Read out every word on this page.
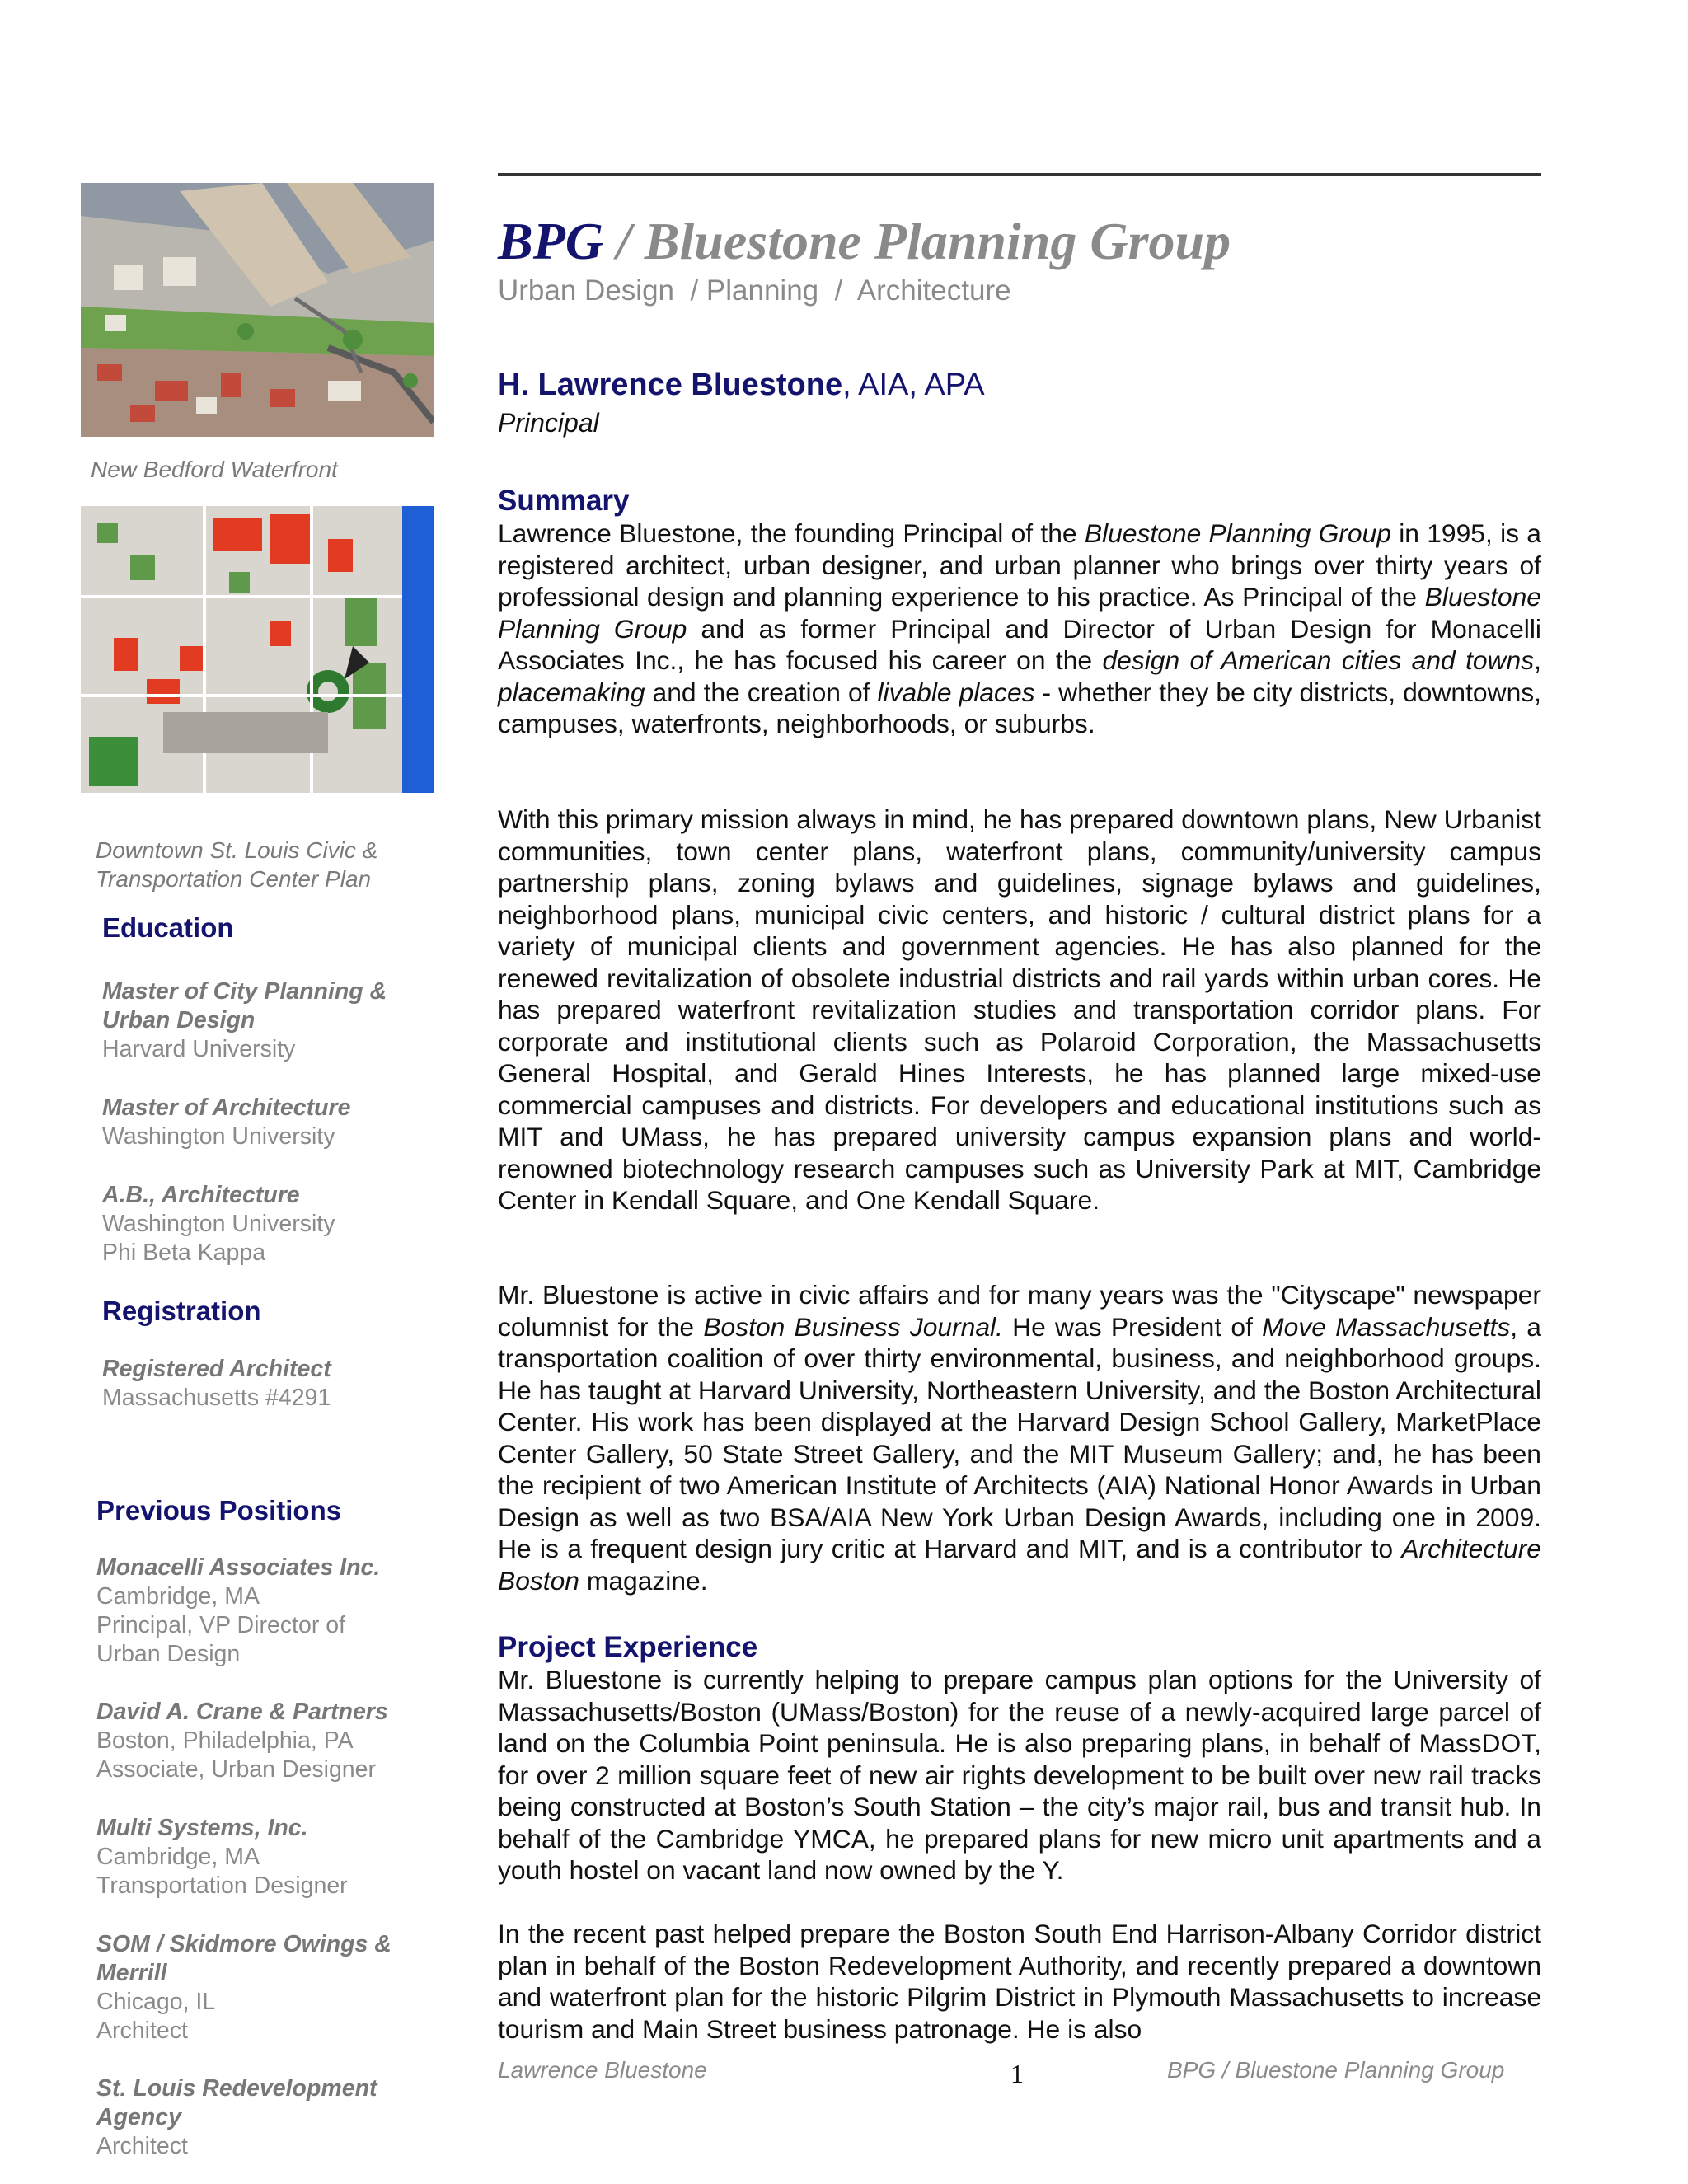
New Bedford Waterfront
Downtown St. Louis Civic &
Transportation Center Plan
Education
Master of City Planning &
Urban Design
Harvard University
Master of Architecture
Washington University
A.B., Architecture
Washington University
Phi Beta Kappa
Registration
Registered Architect
Massachusetts #4291
Previous Positions
Monacelli Associates Inc.
Cambridge, MA
Principal, VP Director of
Urban Design
David A. Crane & Partners
Boston, Philadelphia, PA
Associate, Urban Designer
Multi Systems, Inc.
Cambridge, MA
Transportation Designer
SOM / Skidmore Owings &
Merrill
Chicago, IL
Architect
St. Louis Redevelopment
Agency
Architect
BPG / Bluestone Planning Group
Urban Design  / Planning  /  Architecture
H. Lawrence Bluestone, AIA, APA
Principal
Summary
Lawrence Bluestone, the founding Principal of the Bluestone Planning Group in 1995, is a registered architect, urban designer, and urban planner who brings over thirty years of professional design and planning experience to his practice. As Principal of the Bluestone Planning Group and as former Principal and Director of Urban Design for Monacelli Associates Inc., he has focused his career on the design of American cities and towns, placemaking and the creation of livable places - whether they be city districts, downtowns, campuses, waterfronts, neighborhoods, or suburbs.
With this primary mission always in mind, he has prepared downtown plans, New Urbanist communities, town center plans, waterfront plans, community/university campus partnership plans, zoning bylaws and guidelines, signage bylaws and guidelines, neighborhood plans, municipal civic centers, and historic / cultural district plans for a variety of municipal clients and government agencies. He has also planned for the renewed revitalization of obsolete industrial districts and rail yards within urban cores. He has prepared waterfront revitalization studies and transportation corridor plans. For corporate and institutional clients such as Polaroid Corporation, the Massachusetts General Hospital, and Gerald Hines Interests, he has planned large mixed-use commercial campuses and districts. For developers and educational institutions such as MIT and UMass, he has prepared university campus expansion plans and world-renowned biotechnology research campuses such as University Park at MIT, Cambridge Center in Kendall Square, and One Kendall Square.
Mr. Bluestone is active in civic affairs and for many years was the "Cityscape" newspaper columnist for the Boston Business Journal. He was President of Move Massachusetts, a transportation coalition of over thirty environmental, business, and neighborhood groups. He has taught at Harvard University, Northeastern University, and the Boston Architectural Center. His work has been displayed at the Harvard Design School Gallery, MarketPlace Center Gallery, 50 State Street Gallery, and the MIT Museum Gallery; and, he has been the recipient of two American Institute of Architects (AIA) National Honor Awards in Urban Design as well as two BSA/AIA New York Urban Design Awards, including one in 2009. He is a frequent design jury critic at Harvard and MIT, and is a contributor to Architecture Boston magazine.
Project Experience
Mr. Bluestone is currently helping to prepare campus plan options for the University of Massachusetts/Boston (UMass/Boston) for the reuse of a newly-acquired large parcel of land on the Columbia Point peninsula. He is also preparing plans, in behalf of MassDOT, for over 2 million square feet of new air rights development to be built over new rail tracks being constructed at Boston’s South Station – the city’s major rail, bus and transit hub. In behalf of the Cambridge YMCA, he prepared plans for new micro unit apartments and a youth hostel on vacant land now owned by the Y.
In the recent past helped prepare the Boston South End Harrison-Albany Corridor district plan in behalf of the Boston Redevelopment Authority, and recently prepared a downtown and waterfront plan for the historic Pilgrim District in Plymouth Massachusetts to increase tourism and Main Street business patronage. He is also
Lawrence Bluestone	1	BPG / Bluestone Planning Group
